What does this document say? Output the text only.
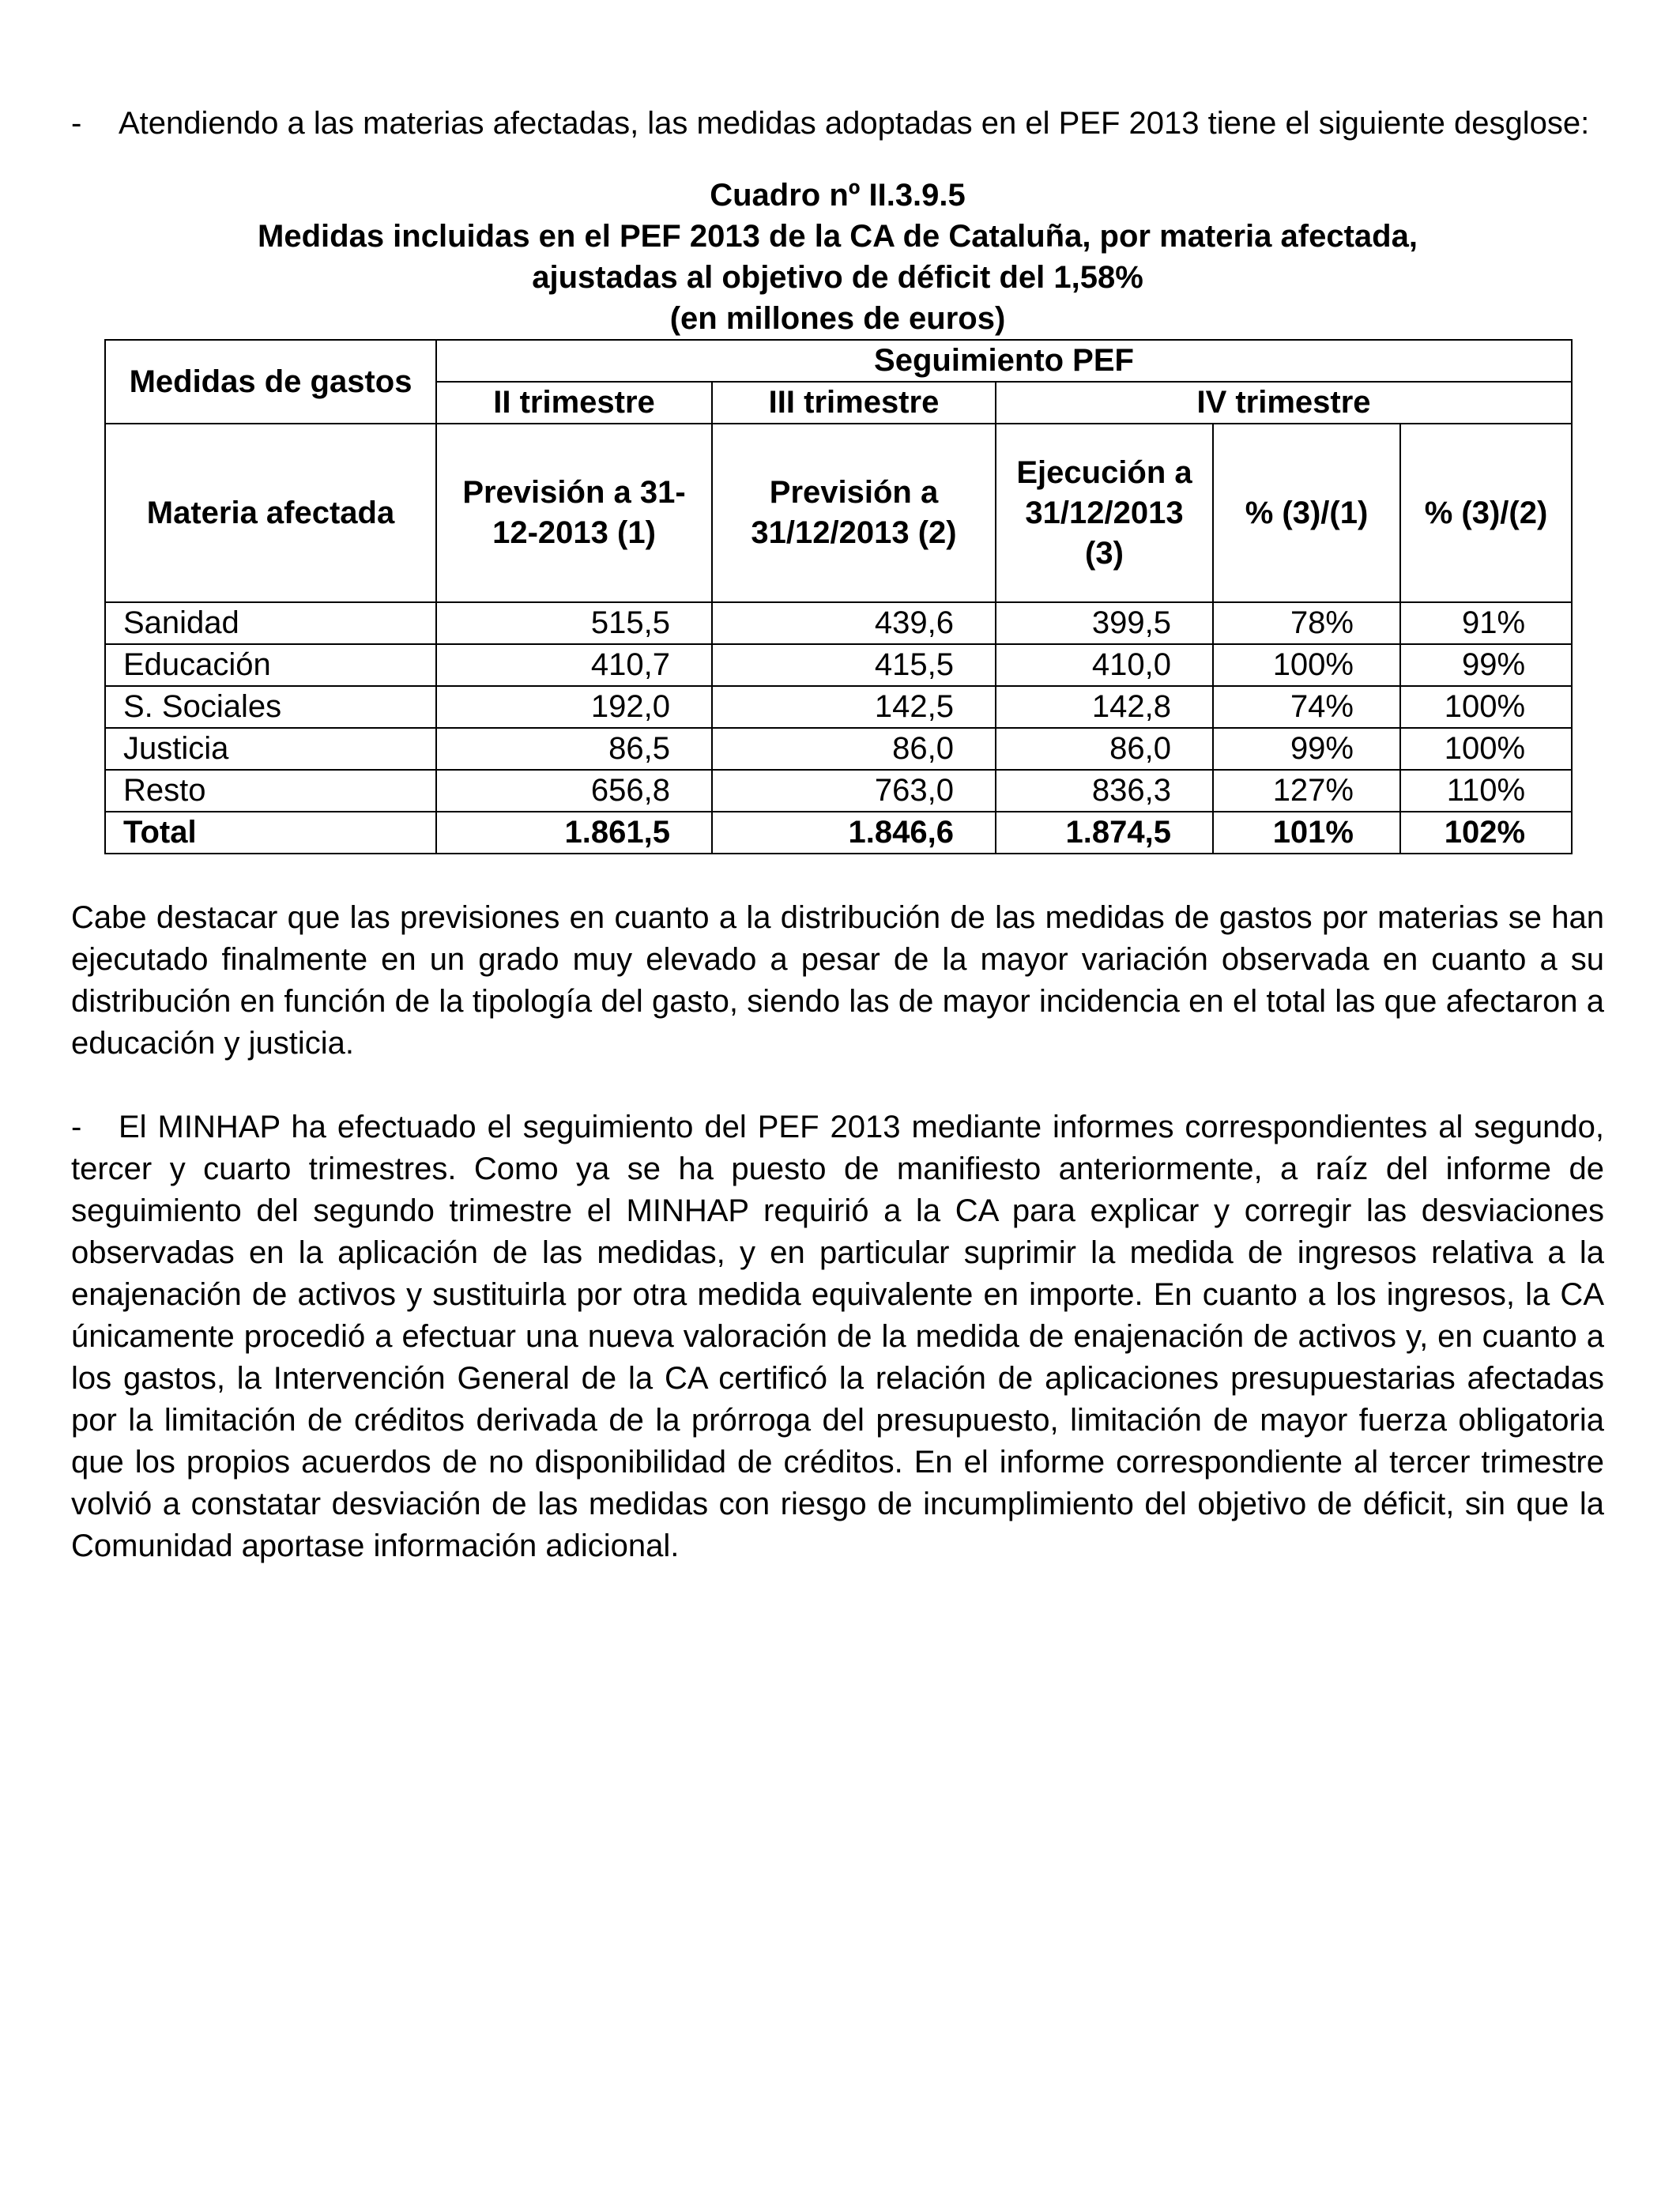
- Atendiendo a las materias afectadas, las medidas adoptadas en el PEF 2013 tiene el siguiente desglose:

Cuadro nº II.3.9.5

Medidas incluidas en el PEF 2013 de la CA de Cataluña, por materia afectada,

ajustadas al objetivo de déficit del 1,58%

(en millones de euros)

Medidas de gastos	Seguimiento PEF				
	II trimestre	III trimestre	IV trimestre		
Materia afectada	Previsión a 31-12-2013 (1)	Previsión a 31/12/2013 (2)	Ejecución a 31/12/2013 (3)	% (3)/(1)	% (3)/(2)
Sanidad	515,5	439,6	399,5	78%	91%
Educación	410,7	415,5	410,0	100%	99%
S. Sociales	192,0	142,5	142,8	74%	100%
Justicia	86,5	86,0	86,0	99%	100%
Resto	656,8	763,0	836,3	127%	110%
Total	1.861,5	1.846,6	1.874,5	101%	102%

Cabe destacar que las previsiones en cuanto a la distribución de las medidas de gastos por materias se han ejecutado finalmente en un grado muy elevado a pesar de la mayor variación observada en cuanto a su distribución en función de la tipología del gasto, siendo las de mayor incidencia en el total las que afectaron a educación y justicia.

- El MINHAP ha efectuado el seguimiento del PEF 2013 mediante informes correspondientes al segundo, tercer y cuarto trimestres. Como ya se ha puesto de manifiesto anteriormente, a raíz del informe de seguimiento del segundo trimestre el MINHAP requirió a la CA para explicar y corregir las desviaciones observadas en la aplicación de las medidas, y en particular suprimir la medida de ingresos relativa a la enajenación de activos y sustituirla por otra medida equivalente en importe. En cuanto a los ingresos, la CA únicamente procedió a efectuar una nueva valoración de la medida de enajenación de activos y, en cuanto a los gastos, la Intervención General de la CA certificó la relación de aplicaciones presupuestarias afectadas por la limitación de créditos derivada de la prórroga del presupuesto, limitación de mayor fuerza obligatoria que los propios acuerdos de no disponibilidad de créditos. En el informe correspondiente al tercer trimestre volvió a constatar desviación de las medidas con riesgo de incumplimiento del objetivo de déficit, sin que la Comunidad aportase información adicional.
